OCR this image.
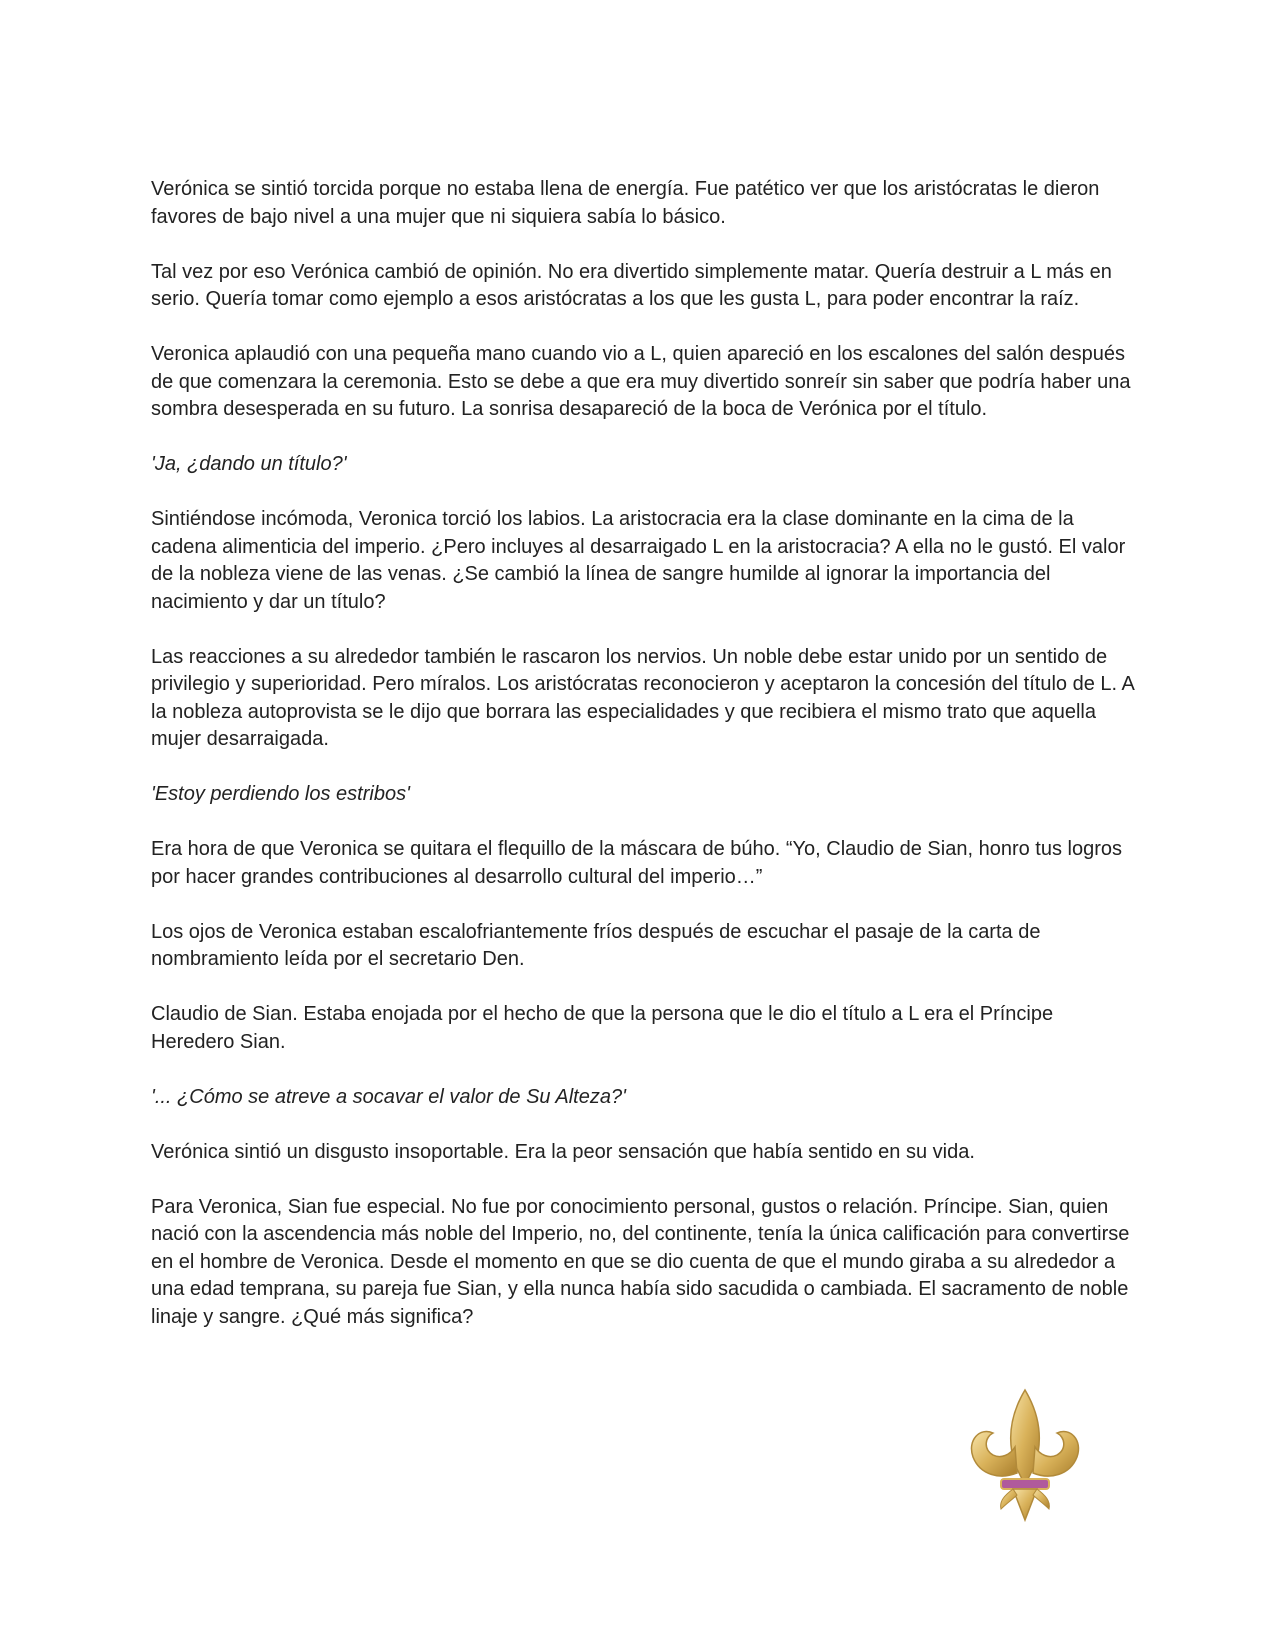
Verónica se sintió torcida porque no estaba llena de energía. Fue patético ver que los aristócratas le dieron favores de bajo nivel a una mujer que ni siquiera sabía lo básico.

Tal vez por eso Verónica cambió de opinión. No era divertido simplemente matar. Quería destruir a L más en serio. Quería tomar como ejemplo a esos aristócratas a los que les gusta L, para poder encontrar la raíz.

Veronica aplaudió con una pequeña mano cuando vio a L, quien apareció en los escalones del salón después de que comenzara la ceremonia. Esto se debe a que era muy divertido sonreír sin saber que podría haber una sombra desesperada en su futuro. La sonrisa desapareció de la boca de Verónica por el título.

'Ja, ¿dando un título?'

Sintiéndose incómoda, Veronica torció los labios. La aristocracia era la clase dominante en la cima de la cadena alimenticia del imperio. ¿Pero incluyes al desarraigado L en la aristocracia? A ella no le gustó. El valor de la nobleza viene de las venas. ¿Se cambió la línea de sangre humilde al ignorar la importancia del nacimiento y dar un título?

Las reacciones a su alrededor también le rascaron los nervios. Un noble debe estar unido por un sentido de privilegio y superioridad. Pero míralos. Los aristócratas reconocieron y aceptaron la concesión del título de L. A la nobleza autoprovista se le dijo que borrara las especialidades y que recibiera el mismo trato que aquella mujer desarraigada.

'Estoy perdiendo los estribos'

Era hora de que Veronica se quitara el flequillo de la máscara de búho. “Yo, Claudio de Sian, honro tus logros por hacer grandes contribuciones al desarrollo cultural del imperio…”

Los ojos de Veronica estaban escalofriantemente fríos después de escuchar el pasaje de la carta de nombramiento leída por el secretario Den.

Claudio de Sian. Estaba enojada por el hecho de que la persona que le dio el título a L era el Príncipe Heredero Sian.

'... ¿Cómo se atreve a socavar el valor de Su Alteza?'

Verónica sintió un disgusto insoportable. Era la peor sensación que había sentido en su vida.

Para Veronica, Sian fue especial. No fue por conocimiento personal, gustos o relación. Príncipe. Sian, quien nació con la ascendencia más noble del Imperio, no, del continente, tenía la única calificación para convertirse en el hombre de Veronica. Desde el momento en que se dio cuenta de que el mundo giraba a su alrededor a una edad temprana, su pareja fue Sian, y ella nunca había sido sacudida o cambiada. El sacramento de noble linaje y sangre. ¿Qué más significa?
